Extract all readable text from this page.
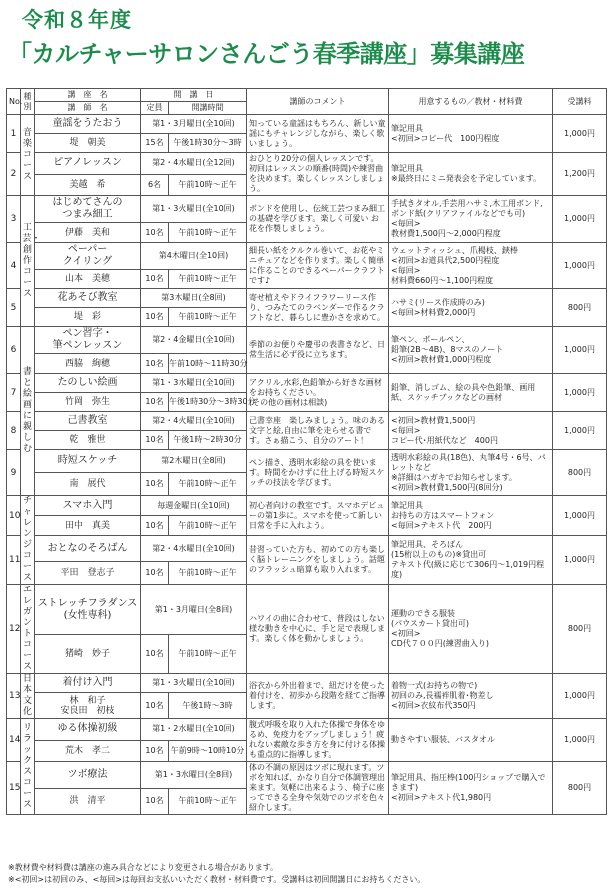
令和８年度
「カルチャーサロンさんごう春季講座」募集講座
No.	種別	講　座　名	開　講　日		講師のコメント	用意するもの／教材・材料費	受講料
		講　師　名	定員	開講時間			
1	音楽コース	童謡をうたおう	第1・3月曜日(全10回)		知っている童謡はもちろん、新しい童謡にもチャレンジしながら、楽しく歌いましょう。	筆記用具
<初回>コピー代　100円程度	1,000円
		堤　朝美	15名	午後1時30分～3時			
2		ピアノレッスン	第2・4水曜日(全12回)		おひとり20分の個人レッスンです。初回はレッスンの順番(時間)や練習曲を決めます。楽しくレッスンしましょう。	筆記用具
※最終日にミニ発表会を予定しています。	1,200円
		美越　希	6名	午前10時～正午			
3	工芸・創作コース	はじめてさんの
つまみ細工	第1・3火曜日(全10回)		ボンドを使用し、伝統工芸つまみ細工の基礎を学びます。楽しく可愛い お花を作製しましょう。	手拭きタオル,手芸用ハサミ,木工用ボンド,ボンド紙(クリアファイルなどでも可)
<毎回>
教材費1,500円～2,000円程度	1,000円
		伊藤　美和	10名	午前10時～正午			
4		ペーパー
クイリング	第4木曜日(全10回)		細長い紙をクルクル巻いて、お花やミニチュアなどを作ります。楽しく簡単に作ることのできるペーパークラフトです♪	ウェットティッシュ、爪楊枝、鋏棒
<初回>お道具代2,500円程度
<毎回>
材料費660円～1,100円程度	1,000円
		山本　美穂	10名	午前10時～正午			
5		花あそび教室	第3木曜日(全8回)		寄せ植えやドライフラワーリース作り、つみたてのラベンダーで作るクラフトなど、暮らしに豊かさを求めて。	ハサミ(リース作成時のみ)
<毎回>材料費2,000円	800円
		堤　彩	10名	午前10時～正午			
6	書と絵画に親しむ	ペン習字・
筆ペンレッスン	第2・4金曜日(全10回)		季節のお便りや慶弔の表書きなど、日常生活に必ず役に立ちます。	筆ペン、ボールペン、
鉛筆(2B～4B)、8マスのノート
<初回>教材費1,000円程度	1,000円
		西脇　絢穂	10名	午前10時～11時30分			
7		たのしい絵画	第1・3水曜日(全10回)		アクリル,水彩,色鉛筆から好きな画材をお持ちください。
(その他の画材は相談)	鉛筆、消しゴム、絵の具や色鉛筆、画用紙、スケッチブックなどの画材	1,000円
		竹岡　弥生	10名	午後1時30分～3時30分			
8		己書教室	第2・4火曜日(全10回)		己書幸座　楽しみましょう。味のある文字と絵,自由に筆を走らせる書です。さぁ描こう、自分のアート！	<初回>教材費1,500円
<毎回>
コピー代･用紙代など　400円	1,000円
		乾　雅世	10名	午後1時～2時30分			
9		時短スケッチ	第2木曜日(全8回)		ペン描き、透明水彩絵の具を使います。時間をかけずに仕上げる時短スケッチの技法を学びます。	透明水彩絵の具(18色)、丸筆4号・6号、パレットなど
※詳細はハガキでお知らせします。
<初回>教材費1,500円(8回分)	800円
		南　展代	10名	午前10時～正午			
10	チャレンジコース	スマホ入門	毎週金曜日(全10回)		初心者向けの教室です。スマホデビューの第1歩に。スマホを使って新しい日常を手に入れよう。	筆記用具
お持ちの方はスマートフォン
<毎回>テキスト代　200円	1,000円
		田中　真美	10名	午前10時～正午			
11		おとなのそろばん	第2・4水曜日(全10回)		昔習っていた方も、初めての方も楽しく脳トレーニングをしましょう。話題のフラッシュ暗算も取り入れます。	筆記用具、そろばん
(15桁以上のもの)※貸出可
テキスト代(級に応じて306円～1,019円程度)	1,000円
		平田　登志子	10名	午前10時～正午			
12	エレガントコース	ストレッチフラダンス
(女性専科)	第1・3月曜日(全8回)		ハワイの曲に合わせて、普段はしない様な動きを中心に、手と足で表現します。楽しく体を動かしましょう。	運動のできる服装
(パウスカート貸出可)
<初回>
CD代７００円(練習曲入り)	800円
		猪崎　妙子	10名	午前10時～正午			
13	日本文化	着付け入門	第1・3火曜日(全10回)		浴衣から外出着まで、紐だけを使った着付けを、初歩から段階を経てご指導します。	着物一式(お持ちの物で)
初回のみ,長襦袢肌着･物差し
<初回>衣紋布代350円	1,000円
		林　和子
安良田　初枝	10名	午後1時～3時			
14	リラックスコース	ゆる体操初級	第1・2水曜日(全10回)		腹式呼吸を取り入れた体操で身体をゆるめ、免疫力をアップしましょう！疲れない素敵な歩き方を身に付ける体操も重点的に指導します。	動きやすい服装、バスタオル	1,000円
		荒木　孝二	10名	午前9時～10時10分			
15		ツボ療法	第1・3水曜日(全8回)		体の不調の原因はツボに現れます。ツボを知れば、かなり自分で体調管理出来ます。気軽に出来るよう、椅子に座ってできる全身や気効でのツボを色々紹介します。	筆記用具、指圧棒(100円ショップで購入できます)
<初回>テキスト代1,980円	800円
		洪　清平	10名	午前10時～正午			
※教材費や材料費は講座の進み具合などにより変更される場合があります。
※<初回>は初回のみ、<毎回>は毎回お支払いいただく教材・材料費です。受講料は初回開講日にお持ちください。
